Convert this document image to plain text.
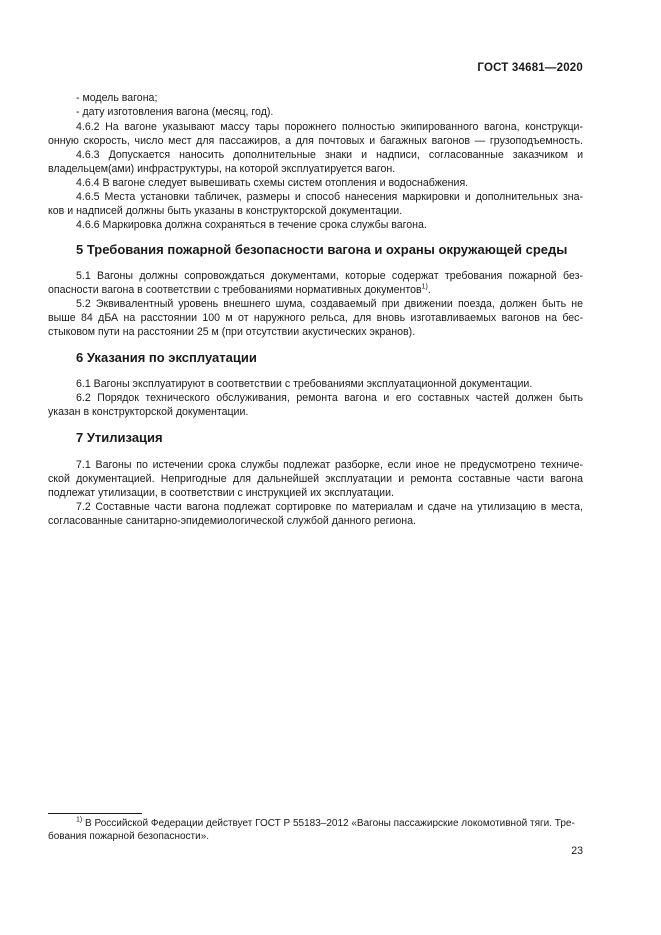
ГОСТ 34681—2020
- модель вагона;
- дату изготовления вагона (месяц, год).
4.6.2 На вагоне указывают массу тары порожнего полностью экипированного вагона, конструкци-
онную скорость, число мест для пассажиров, а для почтовых и багажных вагонов — грузоподъемность.
4.6.3 Допускается наносить дополнительные знаки и надписи, согласованные заказчиком и
владельцем(ами) инфраструктуры, на которой эксплуатируется вагон.
4.6.4 В вагоне следует вывешивать схемы систем отопления и водоснабжения.
4.6.5 Места установки табличек, размеры и способ нанесения маркировки и дополнительных зна-
ков и надписей должны быть указаны в конструкторской документации.
4.6.6 Маркировка должна сохраняться в течение срока службы вагона.
5 Требования пожарной безопасности вагона и охраны окружающей среды
5.1 Вагоны должны сопровождаться документами, которые содержат требования пожарной без-
опасности вагона в соответствии с требованиями нормативных документов$^{1)}$.
5.2 Эквивалентный уровень внешнего шума, создаваемый при движении поезда, должен быть не
выше 84 дБА на расстоянии 100 м от наружного рельса, для вновь изготавливаемых вагонов на бес-
стыковом пути на расстоянии 25 м (при отсутствии акустических экранов).
6 Указания по эксплуатации
6.1 Вагоны эксплуатируют в соответствии с требованиями эксплуатационной документации.
6.2 Порядок технического обслуживания, ремонта вагона и его составных частей должен быть
указан в конструкторской документации.
7 Утилизация
7.1 Вагоны по истечении срока службы подлежат разборке, если иное не предусмотрено техниче-
ской документацией. Непригодные для дальнейшей эксплуатации и ремонта составные части вагона
подлежат утилизации, в соответствии с инструкцией их эксплуатации.
7.2 Составные части вагона подлежат сортировке по материалам и сдаче на утилизацию в места,
согласованные санитарно-эпидемиологической службой данного региона.
$^{1)}$ В Российской Федерации действует ГОСТ Р 55183–2012 «Вагоны пассажирские локомотивной тяги. Тре-
бования пожарной безопасности».
23
